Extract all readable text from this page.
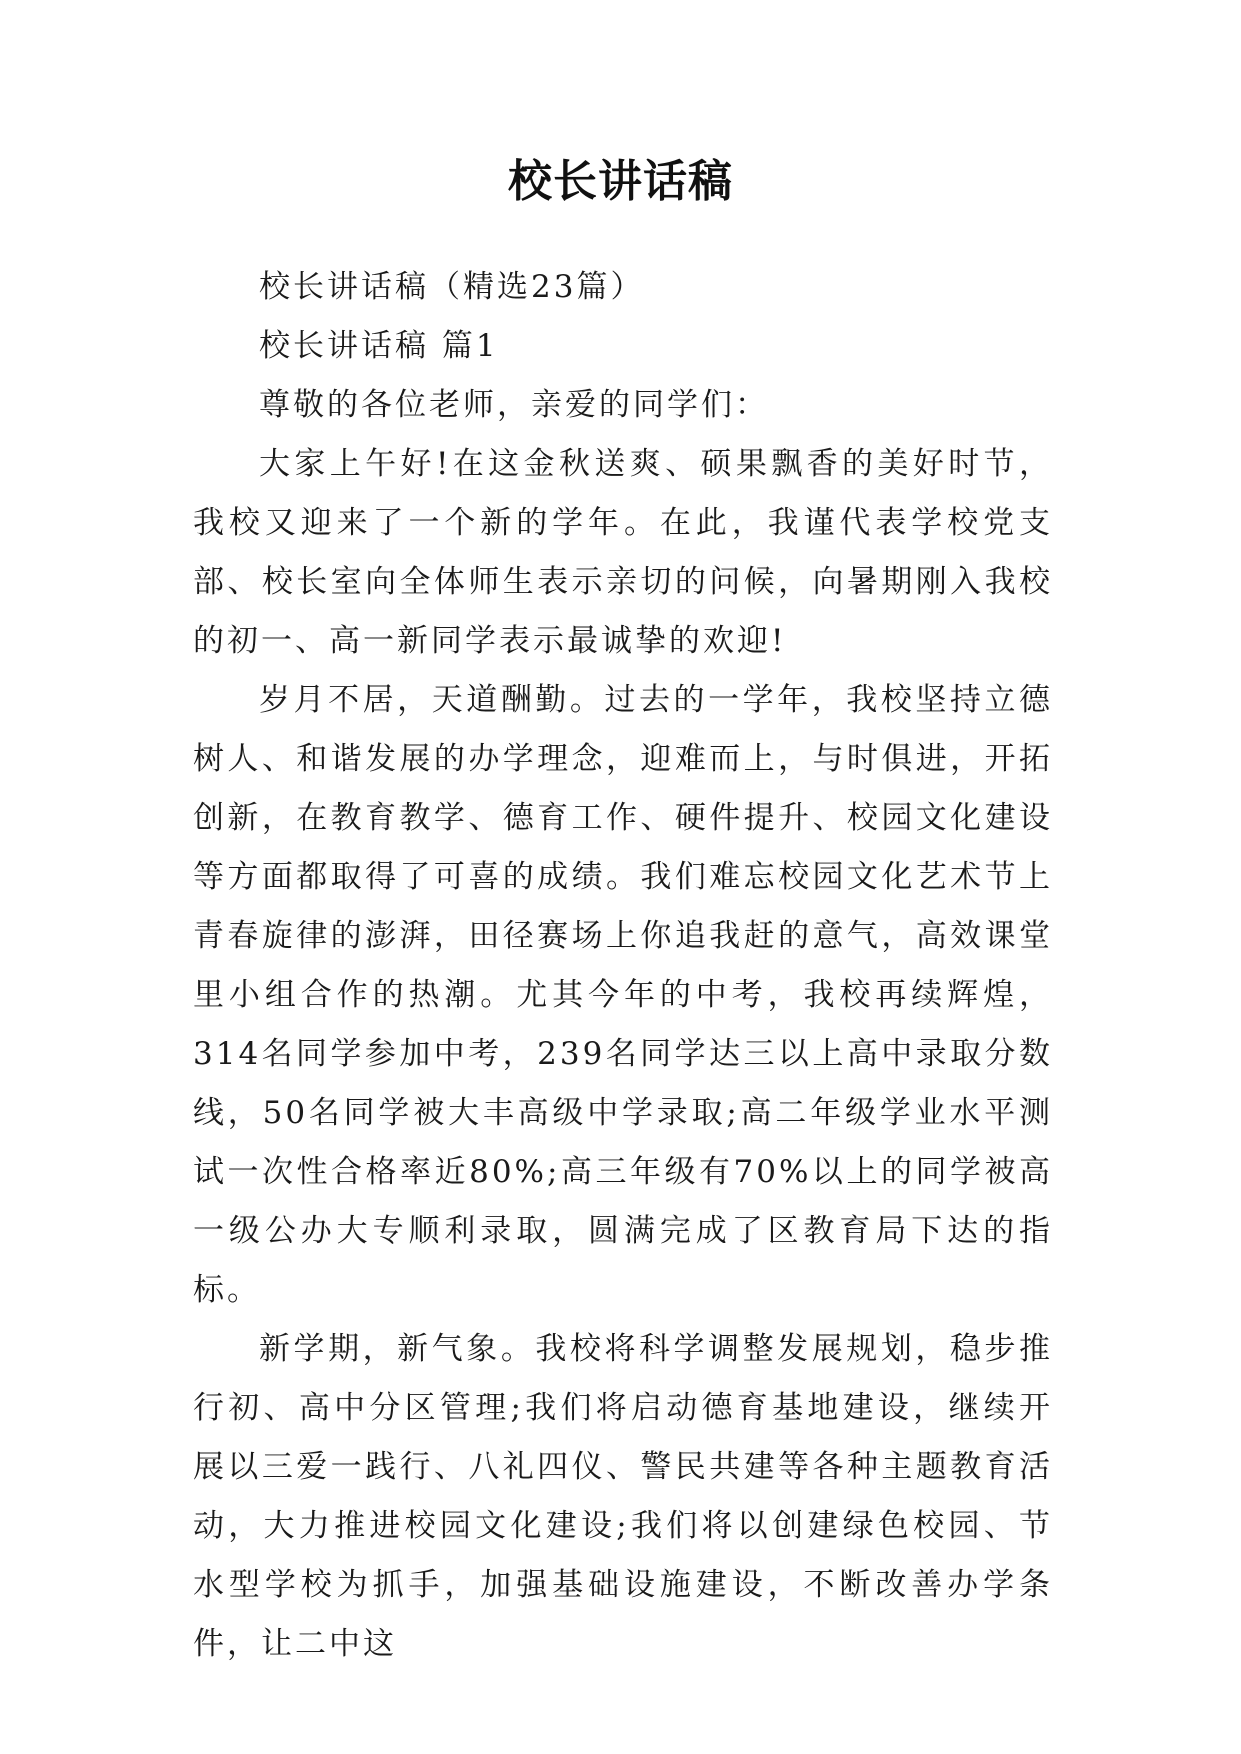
校长讲话稿

校长讲话稿（精选23篇）

校长讲话稿 篇1

尊敬的各位老师，亲爱的同学们：

大家上午好!在这金秋送爽、硕果飘香的美好时节，我校又迎来了一个新的学年。在此，我谨代表学校党支部、校长室向全体师生表示亲切的问候，向暑期刚入我校的初一、高一新同学表示最诚挚的欢迎!

岁月不居，天道酬勤。过去的一学年，我校坚持立德树人、和谐发展的办学理念，迎难而上，与时俱进，开拓创新，在教育教学、德育工作、硬件提升、校园文化建设等方面都取得了可喜的成绩。我们难忘校园文化艺术节上青春旋律的澎湃，田径赛场上你追我赶的意气，高效课堂里小组合作的热潮。尤其今年的中考，我校再续辉煌，314名同学参加中考，239名同学达三以上高中录取分数线，50名同学被大丰高级中学录取;高二年级学业水平测试一次性合格率近80%;高三年级有70%以上的同学被高一级公办大专顺利录取，圆满完成了区教育局下达的指标。

新学期，新气象。我校将科学调整发展规划，稳步推行初、高中分区管理;我们将启动德育基地建设，继续开展以三爱一践行、八礼四仪、警民共建等各种主题教育活动，大力推进校园文化建设;我们将以创建绿色校园、节水型学校为抓手，加强基础设施建设，不断改善办学条件，让二中这
